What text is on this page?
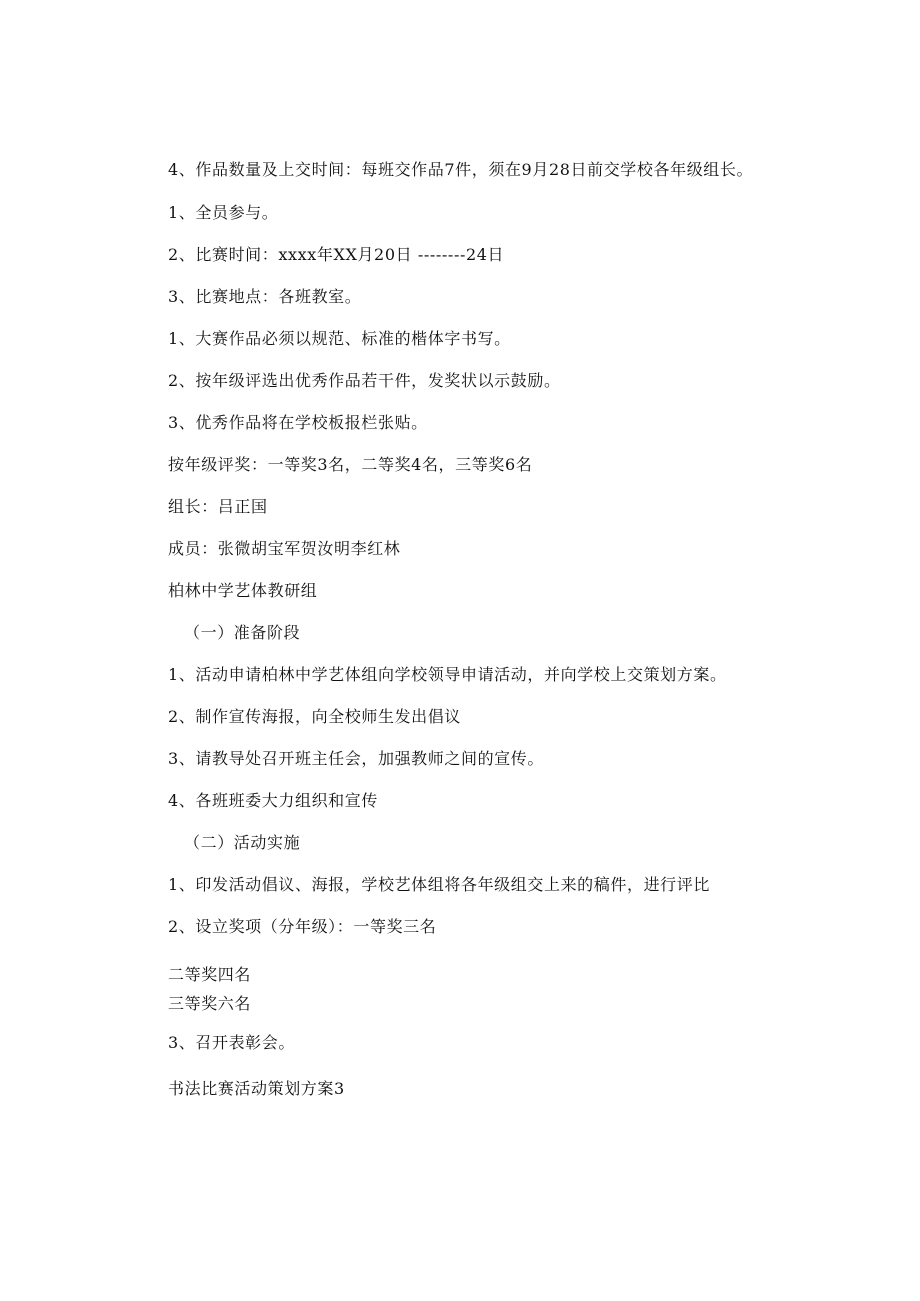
4、作品数量及上交时间：每班交作品7件，须在9月28日前交学校各年级组长。
1、全员参与。
2、比赛时间：xxxx年XX月20日 --------24日
3、比赛地点：各班教室。
1、大赛作品必须以规范、标准的楷体字书写。
2、按年级评选出优秀作品若干件，发奖状以示鼓励。
3、优秀作品将在学校板报栏张贴。
按年级评奖：一等奖3名，二等奖4名，三等奖6名
组长：吕正国
成员：张微胡宝军贺汝明李红林
柏林中学艺体教研组
（一）准备阶段
1、活动申请柏林中学艺体组向学校领导申请活动，并向学校上交策划方案。
2、制作宣传海报，向全校师生发出倡议
3、请教导处召开班主任会，加强教师之间的宣传。
4、各班班委大力组织和宣传
（二）活动实施
1、印发活动倡议、海报，学校艺体组将各年级组交上来的稿件，进行评比
2、设立奖项（分年级）：一等奖三名
二等奖四名
三等奖六名
3、召开表彰会。
书法比赛活动策划方案3
